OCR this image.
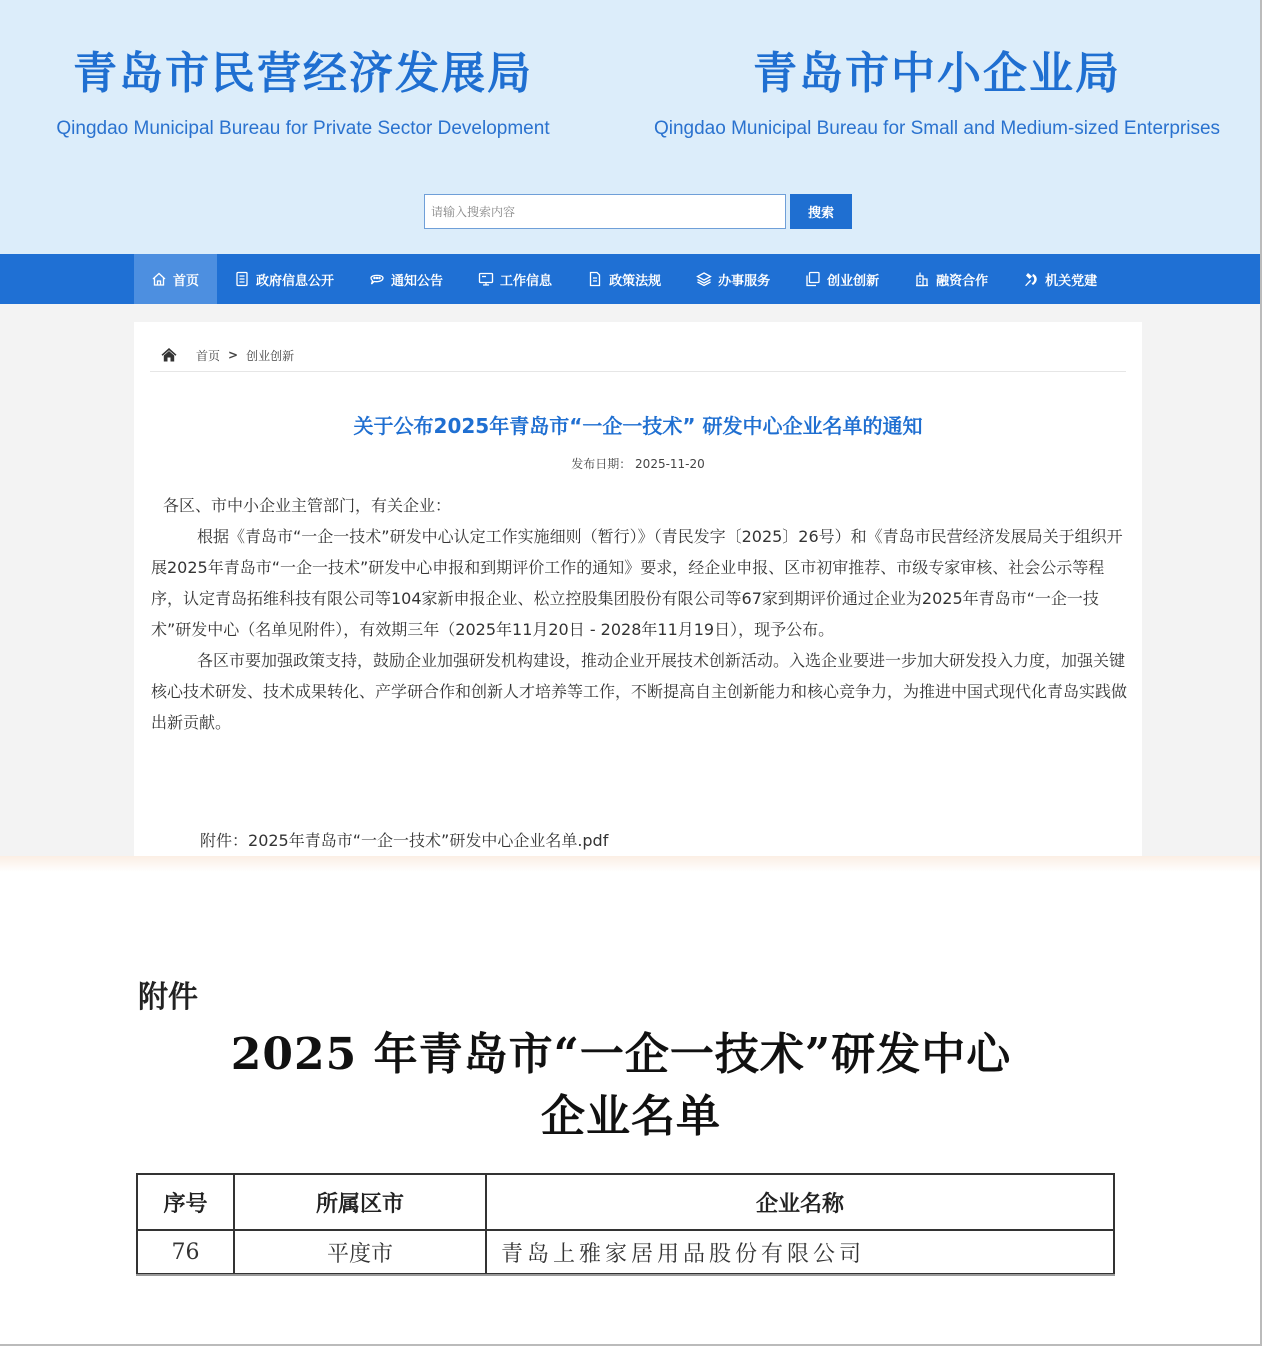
青岛市民营经济发展局
Qingdao Municipal Bureau for Private Sector Development
青岛市中小企业局
Qingdao Municipal Bureau for Small and Medium-sized Enterprises
请输入搜索内容
搜索
首页	政府信息公开	通知公告	工作信息	政策法规	办事服务	创业创新	融资合作	机关党建
首页 > 创业创新
关于公布2025年青岛市“一企一技术” 研发中心企业名单的通知
发布日期： 2025-11-20

各区、市中小企业主管部门，有关企业：

根据《青岛市“一企一技术”研发中心认定工作实施细则（暂行）》（青民发字〔2025〕26号）和《青岛市民营经济发展局关于组织开展2025年青岛市“一企一技术”研发中心申报和到期评价工作的通知》要求，经企业申报、区市初审推荐、市级专家审核、社会公示等程序，认定青岛拓维科技有限公司等104家新申报企业、松立控股集团股份有限公司等67家到期评价通过企业为2025年青岛市“一企一技术”研发中心（名单见附件），有效期三年（2025年11月20日 - 2028年11月19日），现予公布。

各区市要加强政策支持，鼓励企业加强研发机构建设，推动企业开展技术创新活动。入选企业要进一步加大研发投入力度，加强关键核心技术研发、技术成果转化、产学研合作和创新人才培养等工作，不断提高自主创新能力和核心竞争力，为推进中国式现代化青岛实践做出新贡献。

附件：2025年青岛市“一企一技术”研发中心企业名单.pdf
附件
2025 年青岛市“一企一技术”研发中心
企业名单
序号	所属区市	企业名称
76	平度市	青岛上雅家居用品股份有限公司
